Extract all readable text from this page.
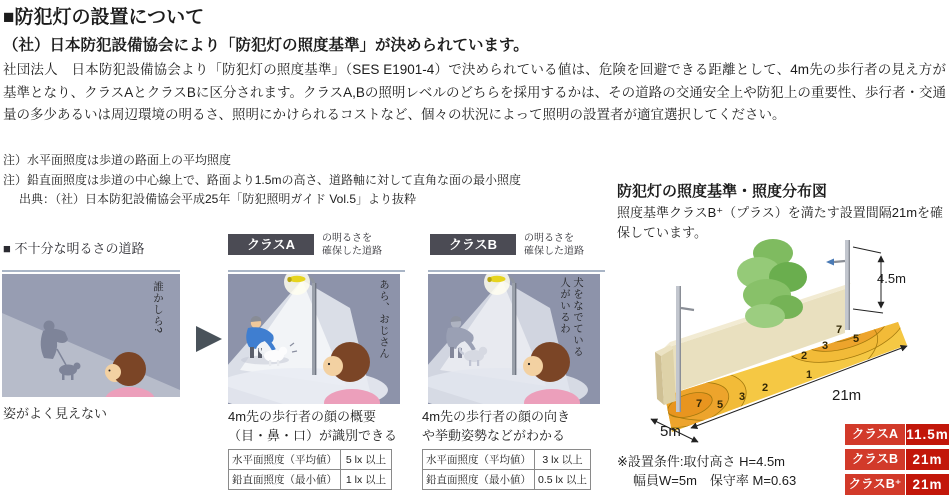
■防犯灯の設置について
（社）日本防犯設備協会により「防犯灯の照度基準」が決められています。
社団法人　日本防犯設備協会より「防犯灯の照度基準」（SES E1901-4）で決められている値は、危険を回避できる距離として、4m先の歩行者の見え方が基準となり、クラスAとクラスBに区分されます。クラスA,Bの照明レベルのどちらを採用するかは、その道路の交通安全上や防犯上の重要性、歩行者・交通量の多少あるいは周辺環境の明るさ、照明にかけられるコストなど、個々の状況によって照明の設置者が適宜選択してください。
注）水平面照度は歩道の路面上の平均照度
注）鉛直面照度は歩道の中心線上で、路面より1.5mの高さ、道路軸に対して直角な面の最小照度
出典：（社）日本防犯設備協会平成25年「防犯照明ガイド Vol.5」より抜粋
■ 不十分な明るさの道路	クラスA	の明るさを
確保した道路	クラスB	の明るさを
確保した道路
誰かしら?
姿がよく見えない
あら、おじさん
4m先の歩行者の顔の概要
（目・鼻・口）が識別できる
水平面照度（平均値）	5 lx 以上
鉛直面照度（最小値）	1 lx 以上
犬をなでている人がいるわ
4m先の歩行者の顔の向き
や挙動姿勢などがわかる
水平面照度（平均値）	3 lx 以上
鉛直面照度（最小値）	0.5 lx 以上
防犯灯の照度基準・照度分布図
照度基準クラスB⁺（プラス）を満たす設置間隔21mを確保しています。
4.5m
21m
5m
7 5
3
2
1
2
3
7
5
※設置条件:取付高さ H=4.5m
幅員W=5m　保守率 M=0.63
クラスA 11.5m
クラスB	21m
クラスB⁺ 21m
